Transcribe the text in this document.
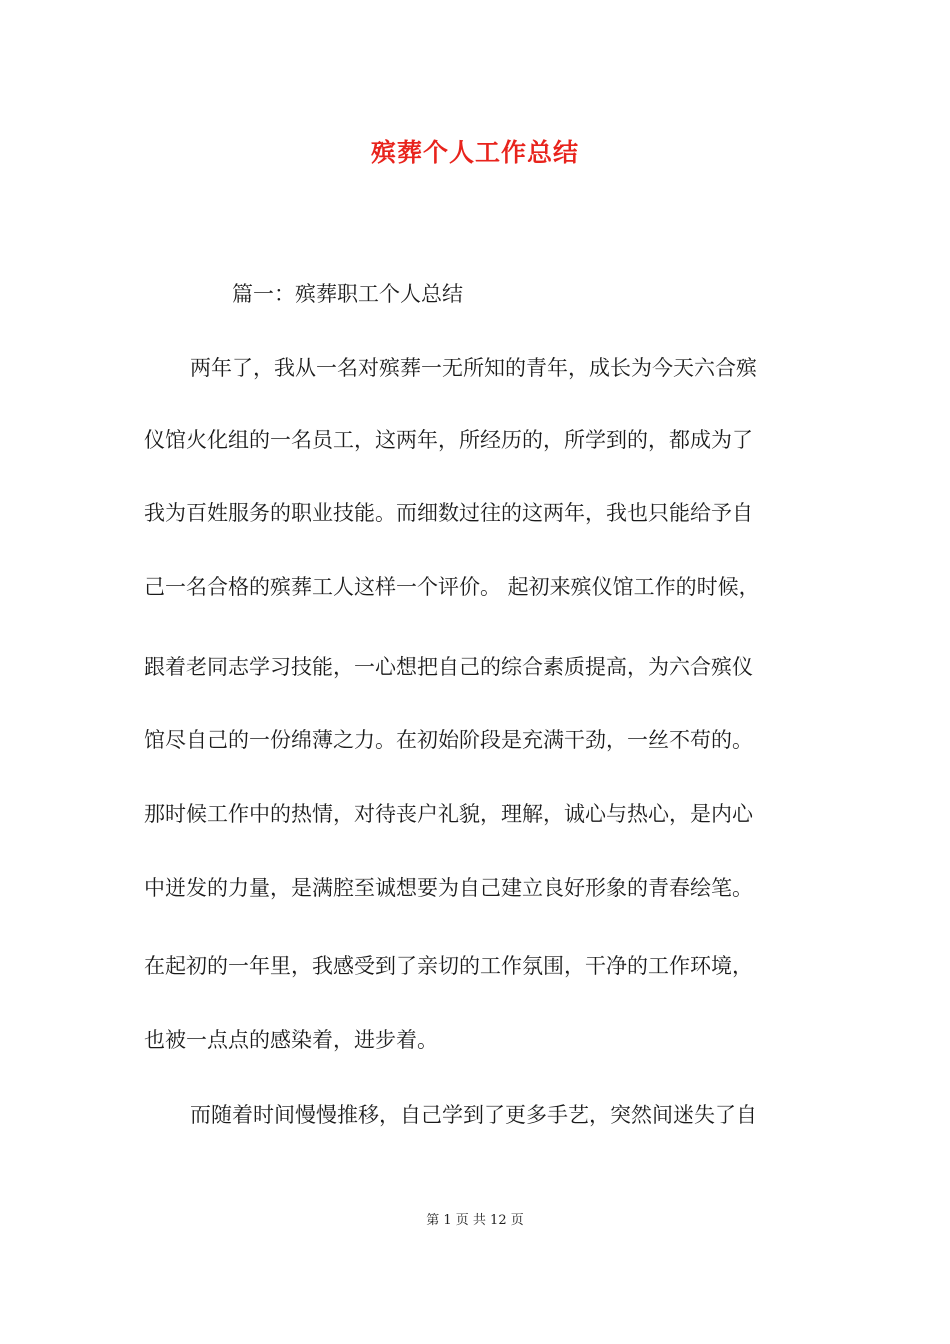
殡葬个人工作总结
篇一：殡葬职工个人总结
两年了，我从一名对殡葬一无所知的青年，成长为今天六合殡
仪馆火化组的一名员工，这两年，所经历的，所学到的，都成为了
我为百姓服务的职业技能。而细数过往的这两年，我也只能给予自
己一名合格的殡葬工人这样一个评价。 起初来殡仪馆工作的时候，
跟着老同志学习技能，一心想把自己的综合素质提高，为六合殡仪
馆尽自己的一份绵薄之力。在初始阶段是充满干劲，一丝不苟的。
那时候工作中的热情，对待丧户礼貌，理解，诚心与热心，是内心
中迸发的力量，是满腔至诚想要为自己建立良好形象的青春绘笔。
在起初的一年里，我感受到了亲切的工作氛围，干净的工作环境，
也被一点点的感染着，进步着。
而随着时间慢慢推移，自己学到了更多手艺，突然间迷失了自
第 1 页 共 12 页
